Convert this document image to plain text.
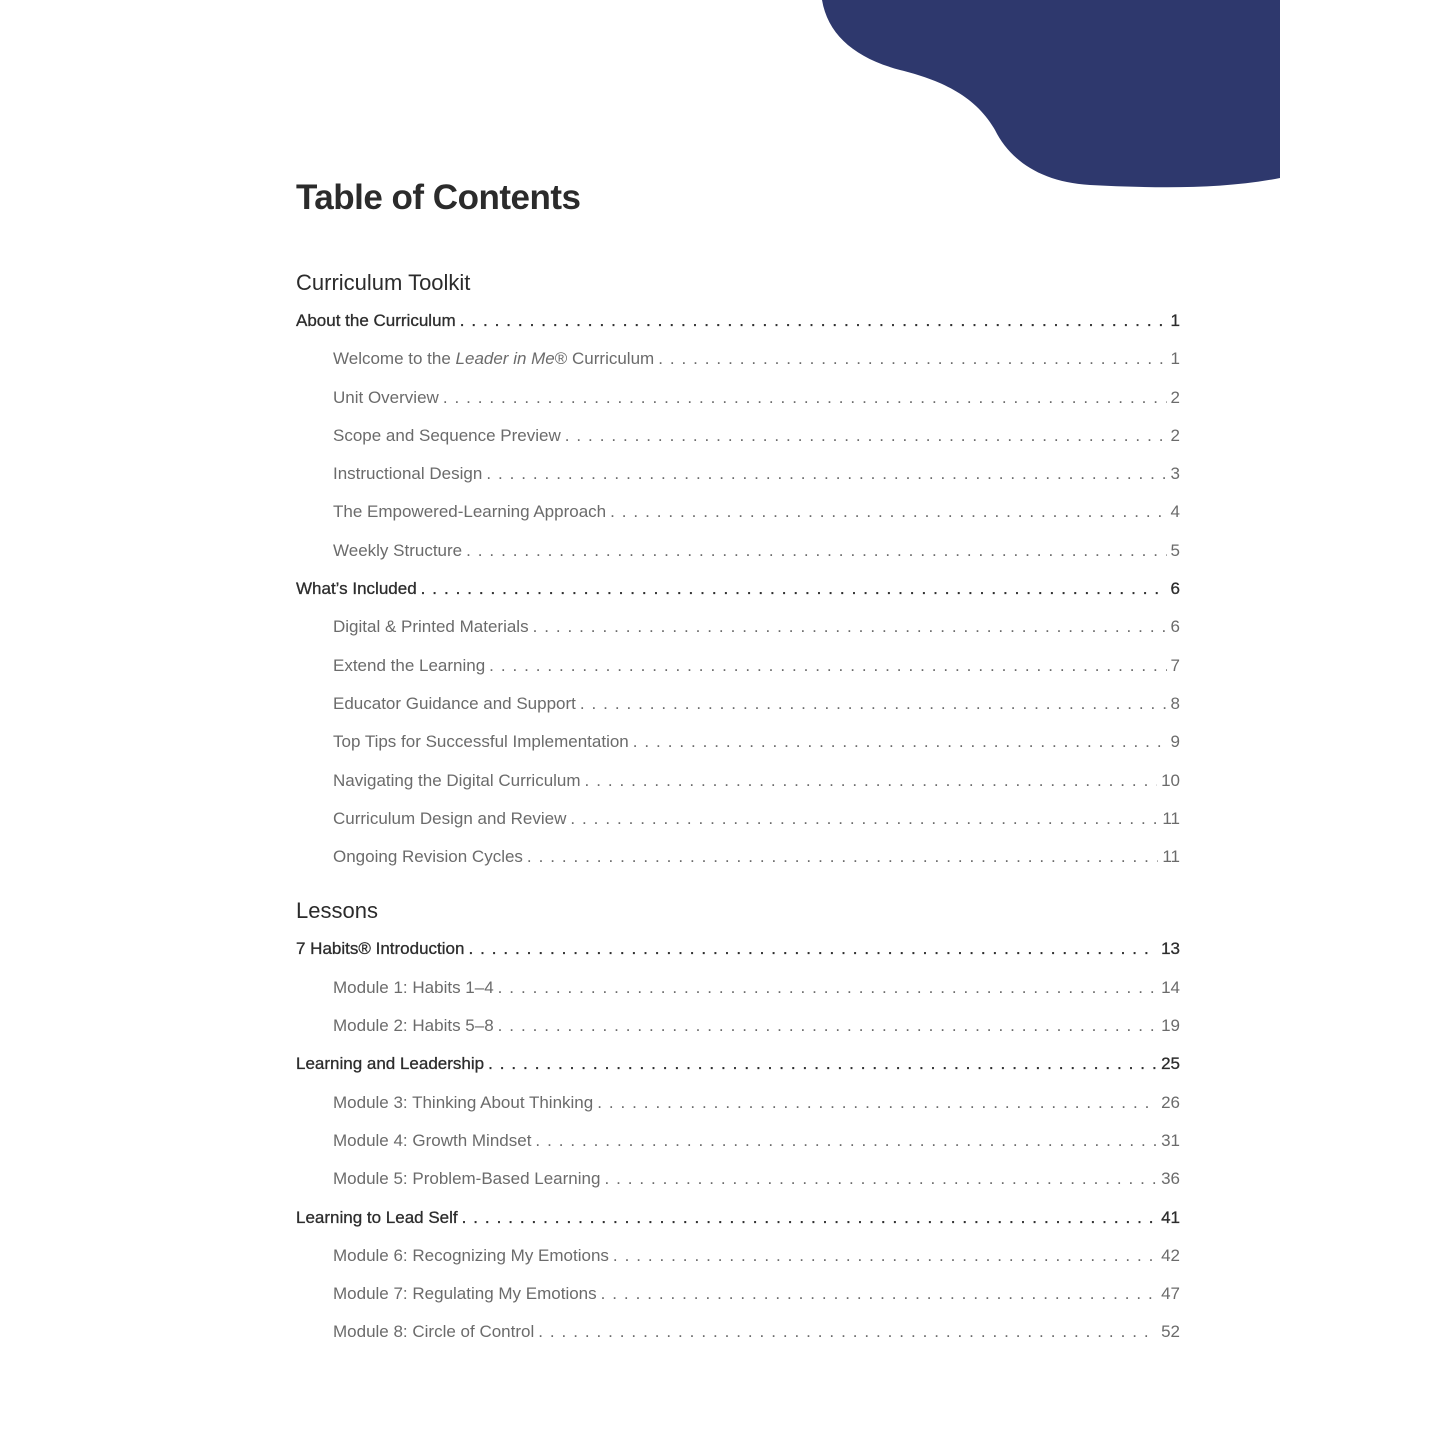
Table of Contents
Curriculum Toolkit
About the Curriculum . . .	1
Welcome to the Leader in Me® Curriculum . . .	1
Unit Overview . . .	2
Scope and Sequence Preview . . .	2
Instructional Design . . .	3
The Empowered-Learning Approach . . .	4
Weekly Structure . . .	5
What’s Included . . .	6
Digital & Printed Materials . . .	6
Extend the Learning . . .	7
Educator Guidance and Support . . .	8
Top Tips for Successful Implementation . . .	9
Navigating the Digital Curriculum . . .	10
Curriculum Design and Review . . .	11
Ongoing Revision Cycles . . .	11
Lessons
7 Habits® Introduction . . .	13
Module 1: Habits 1–4 . . .	14
Module 2: Habits 5–8 . . .	19
Learning and Leadership . . .	25
Module 3: Thinking About Thinking . . .	26
Module 4: Growth Mindset . . .	31
Module 5: Problem-Based Learning . . .	36
Learning to Lead Self . . .	41
Module 6: Recognizing My Emotions . . .	42
Module 7: Regulating My Emotions . . .	47
Module 8: Circle of Control . . .	52
